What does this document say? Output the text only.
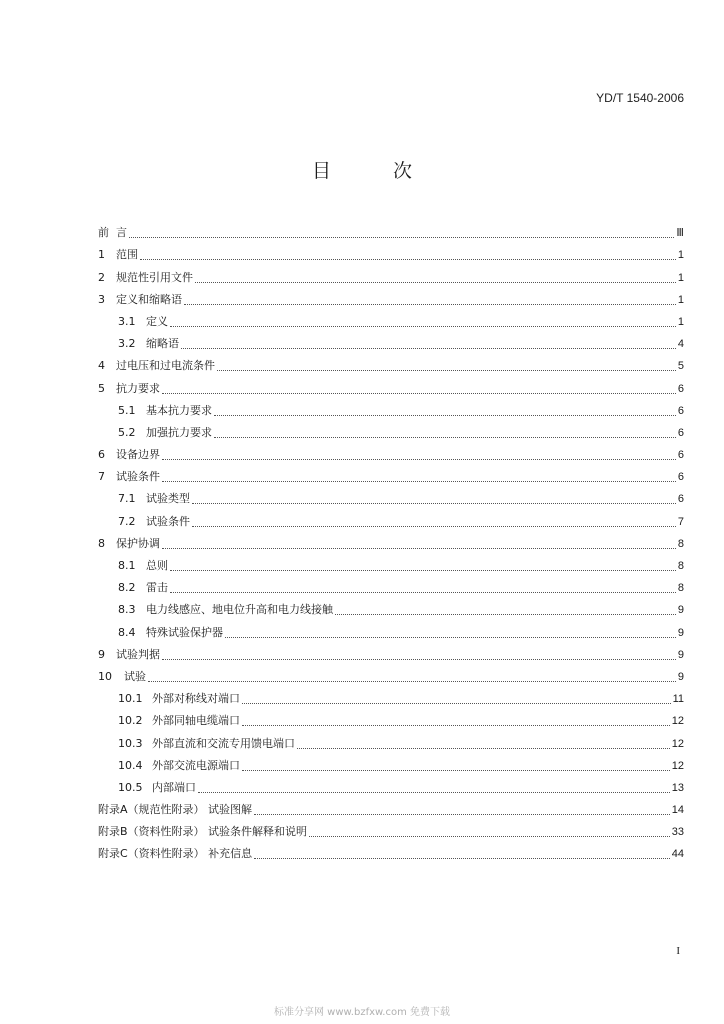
YD/T 1540-2006
目 次
前 言	Ⅲ
1	范围	1
2	规范性引用文件	1
3	定义和缩略语	1
3.1 定义	1
3.2 缩略语	4
4	过电压和过电流条件	5
5	抗力要求	6
5.1 基本抗力要求	6
5.2 加强抗力要求	6
6	设备边界	6
7	试验条件	6
7.1 试验类型	6
7.2 试验条件	7
8	保护协调	8
8.1 总则	8
8.2 雷击	8
8.3 电力线感应、地电位升高和电力线接触	9
8.4 特殊试验保护器	9
9	试验判据	9
10	试验	9
10.1 外部对称线对端口	11
10.2 外部同轴电缆端口	12
10.3 外部直流和交流专用馈电端口	12
10.4 外部交流电源端口	12
10.5 内部端口	13
附录A（规范性附录） 试验图解	14
附录B（资料性附录） 试验条件解释和说明	33
附录C（资料性附录） 补充信息	44
I
标准分享网 www.bzfxw.com 免费下载
